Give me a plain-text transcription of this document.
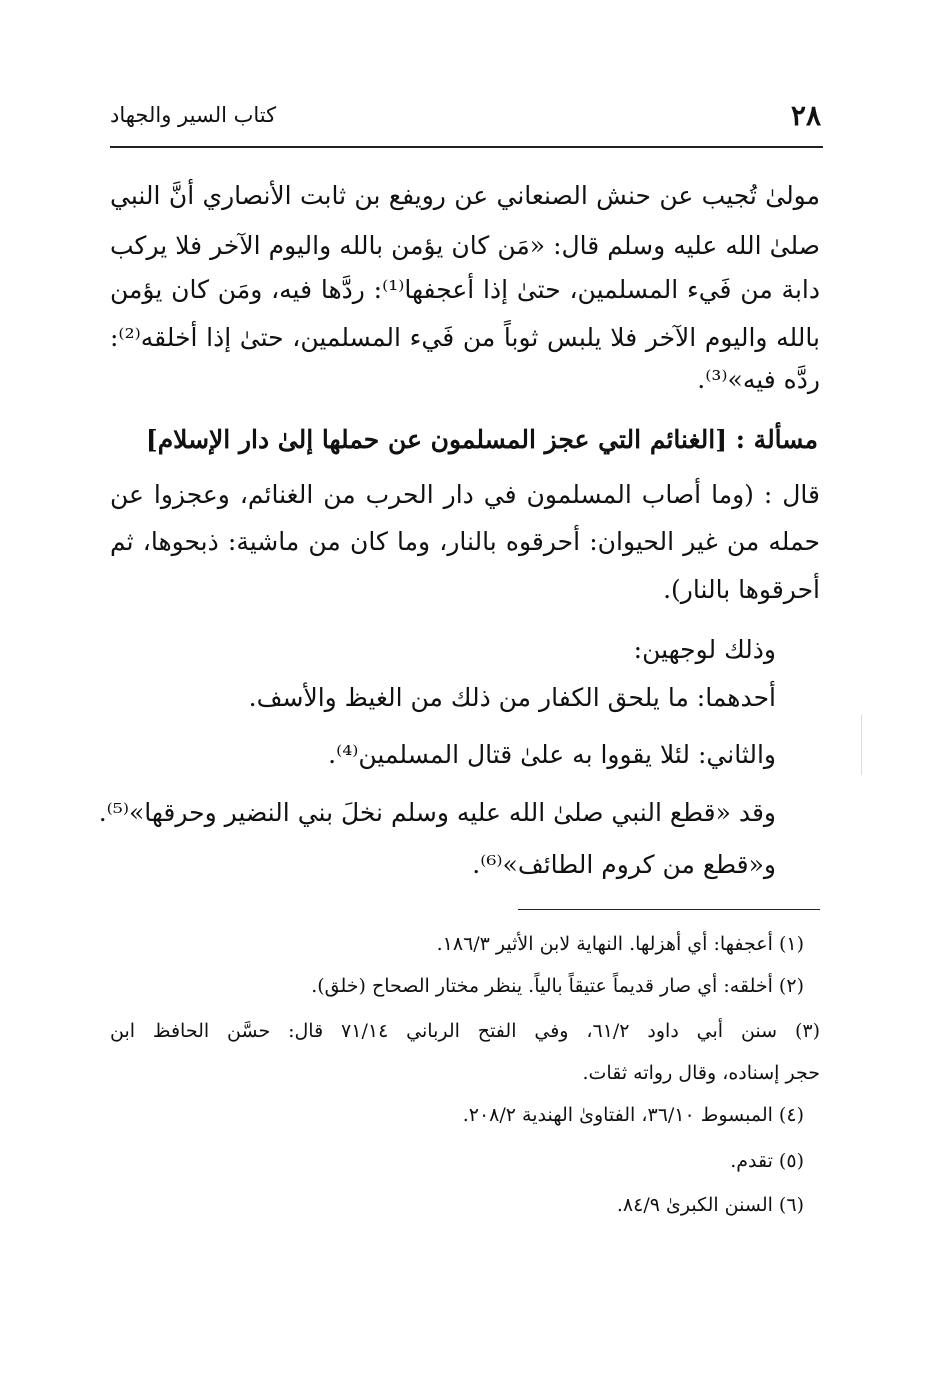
كتاب السير والجهاد	٢٨
مولىٰ تُجيب عن حنش الصنعاني عن رويفع بن ثابت الأنصاري أنَّ النبي
صلىٰ الله عليه وسلم قال: «مَن كان يؤمن بالله واليوم الآخر فلا يركب
دابة من فَيء المسلمين، حتىٰ إذا أعجفها⁽¹⁾: ردَّها فيه، ومَن كان يؤمن
بالله واليوم الآخر فلا يلبس ثوباً من فَيء المسلمين، حتىٰ إذا أخلقه⁽²⁾:
ردَّه فيه»⁽³⁾.
مسألة : [الغنائم التي عجز المسلمون عن حملها إلىٰ دار الإسلام]
قال : (وما أصاب المسلمون في دار الحرب من الغنائم، وعجزوا عن
حمله من غير الحيوان: أحرقوه بالنار، وما كان من ماشية: ذبحوها، ثم
أحرقوها بالنار).
وذلك لوجهين:
أحدهما: ما يلحق الكفار من ذلك من الغيظ والأسف.
والثاني: لئلا يقووا به علىٰ قتال المسلمين⁽⁴⁾.
وقد «قطع النبي صلىٰ الله عليه وسلم نخلَ بني النضير وحرقها»⁽⁵⁾.
و«قطع من كروم الطائف»⁽⁶⁾.
(١) أعجفها: أي أهزلها. النهاية لابن الأثير ١٨٦/٣.
(٢) أخلقه: أي صار قديماً عتيقاً بالياً. ينظر مختار الصحاح (خلق).
(٣) سنن أبي داود ٦١/٢، وفي الفتح الرباني ٧١/١٤ قال: حسَّن الحافظ ابن
حجر إسناده، وقال رواته ثقات.
(٤) المبسوط ٣٦/١٠، الفتاوىٰ الهندية ٢٠٨/٢.
(٥) تقدم.
(٦) السنن الكبرىٰ ٨٤/٩.
